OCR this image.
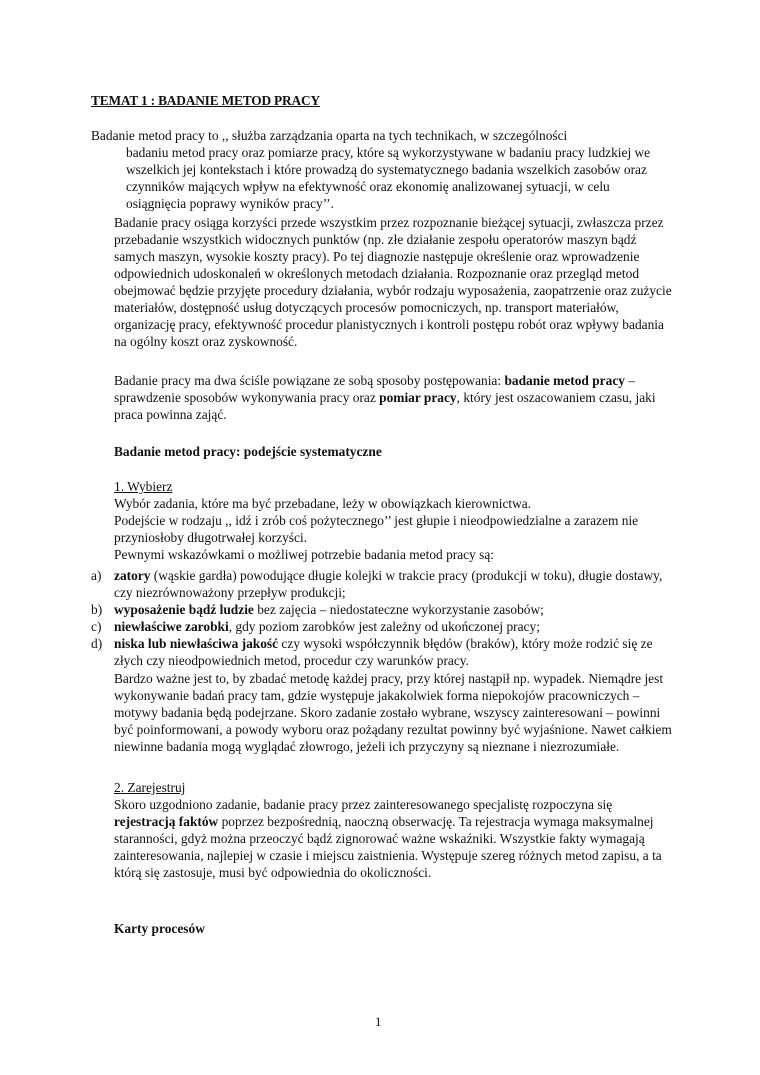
TEMAT 1 : BADANIE METOD PRACY

Badanie metod pracy to ,, służba zarządzania oparta na tych technikach, w szczególności

badaniu metod pracy oraz pomiarze pracy, które są wykorzystywane w badaniu pracy ludzkiej we wszelkich jej kontekstach i które prowadzą do systematycznego badania wszelkich zasobów oraz czynników mających wpływ na efektywność oraz ekonomię analizowanej sytuacji, w celu osiągnięcia poprawy wyników pracy’’.

Badanie pracy osiąga korzyści przede wszystkim przez rozpoznanie bieżącej sytuacji, zwłaszcza przez przebadanie wszystkich widocznych punktów (np. złe działanie zespołu operatorów maszyn bądź samych maszyn, wysokie koszty pracy). Po tej diagnozie następuje określenie oraz wprowadzenie odpowiednich udoskonaleń w określonych metodach działania. Rozpoznanie oraz przegląd metod obejmować będzie przyjęte procedury działania, wybór rodzaju wyposażenia, zaopatrzenie oraz zużycie materiałów, dostępność usług dotyczących procesów pomocniczych, np. transport materiałów, organizację pracy, efektywność procedur planistycznych i kontroli postępu robót oraz wpływy badania na ogólny koszt oraz zyskowność.

Badanie pracy ma dwa ściśle powiązane ze sobą sposoby postępowania: badanie metod pracy – sprawdzenie sposobów wykonywania pracy oraz pomiar pracy, który jest oszacowaniem czasu, jaki praca powinna zająć.

Badanie metod pracy: podejście systematyczne

1. Wybierz

Wybór zadania, które ma być przebadane, leży w obowiązkach kierownictwa.

Podejście w rodzaju ,, idź i zrób coś pożytecznego’’ jest głupie i nieodpowiedzialne a zarazem nie przyniosłoby długotrwałej korzyści.

Pewnymi wskazówkami o możliwej potrzebie badania metod pracy są:

a) zatory (wąskie gardła) powodujące długie kolejki w trakcie pracy (produkcji w toku), długie dostawy, czy niezrównoważony przepływ produkcji;
b) wyposażenie bądź ludzie bez zajęcia – niedostateczne wykorzystanie zasobów;
c) niewłaściwe zarobki, gdy poziom zarobków jest zależny od ukończonej pracy;
d) niska lub niewłaściwa jakość czy wysoki współczynnik błędów (braków), który może rodzić się ze złych czy nieodpowiednich metod, procedur czy warunków pracy.

Bardzo ważne jest to, by zbadać metodę każdej pracy, przy której nastąpił np. wypadek. Niemądre jest wykonywanie badań pracy tam, gdzie występuje jakakolwiek forma niepokojów pracowniczych – motywy badania będą podejrzane. Skoro zadanie zostało wybrane, wszyscy zainteresowani – powinni być poinformowani, a powody wyboru oraz pożądany rezultat powinny być wyjaśnione. Nawet całkiem niewinne badania mogą wyglądać złowrogo, jeżeli ich przyczyny są nieznane i niezrozumiałe.

2. Zarejestruj

Skoro uzgodniono zadanie, badanie pracy przez zainteresowanego specjalistę rozpoczyna się rejestracją faktów poprzez bezpośrednią, naoczną obserwację. Ta rejestracja wymaga maksymalnej staranności, gdyż można przeoczyć bądź zignorować ważne wskaźniki. Wszystkie fakty wymagają zainteresowania, najlepiej w czasie i miejscu zaistnienia. Występuje szereg różnych metod zapisu, a ta którą się zastosuje, musi być odpowiednia do okoliczności.

Karty procesów
1
